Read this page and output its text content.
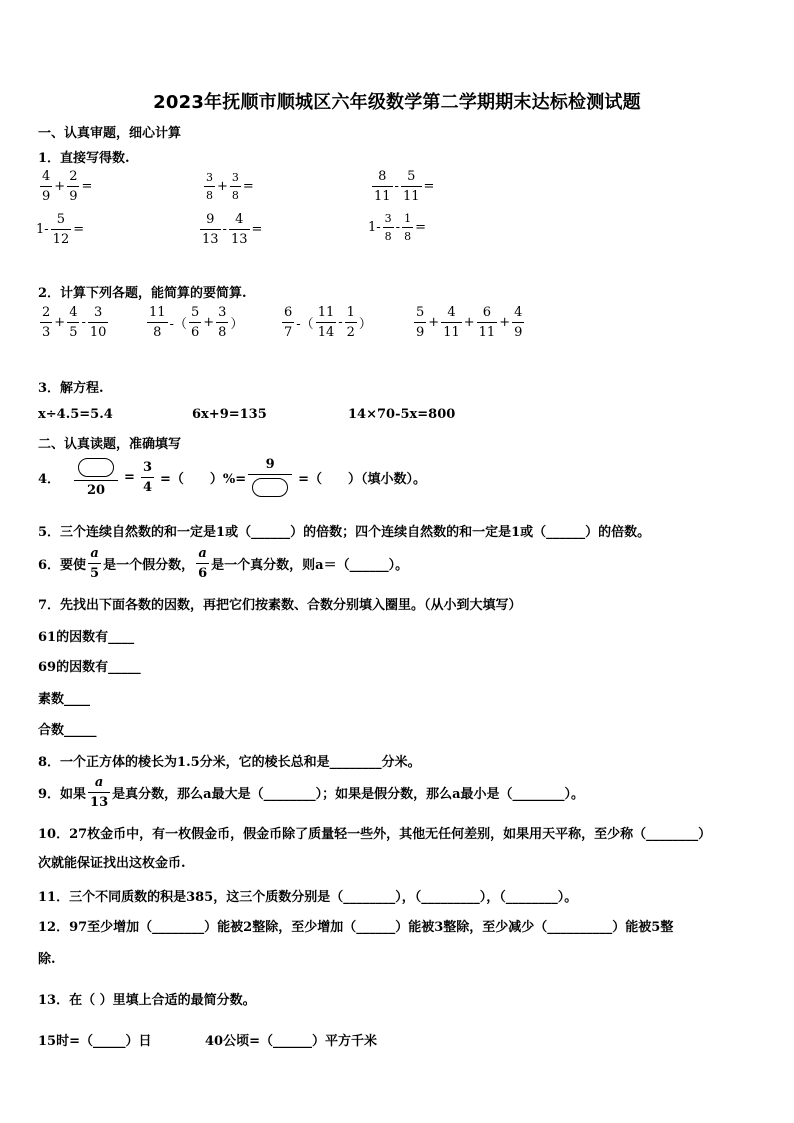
2023年抚顺市顺城区六年级数学第二学期期末达标检测试题
一、认真审题，细心计算
1．直接写得数.
$\frac{4}{9} + \frac{2}{9}$ =	$\frac{3}{8} + \frac{3}{8}$ =	$\frac{8}{11} - \frac{5}{11}$ =
$1- \frac{5}{12}$ =	$\frac{9}{13} - \frac{4}{13}$ =	$1- \frac{3}{8} - \frac{1}{8}$ =
2．计算下列各题，能简算的要简算.
$\frac{2}{3} + \frac{4}{5} - \frac{3}{10}$	$\frac{11}{8}$ -（ $\frac{5}{6} + \frac{3}{8}$ ）	$\frac{6}{7}$ -（ $\frac{11}{14} - \frac{1}{2}$ ）	$\frac{5}{9} + \frac{4}{11} + \frac{6}{11} + \frac{4}{9}$
3．解方程.
x÷4.5=5.4	6x+9=135	14×70-5x=800
二、认真读题，准确填写
4．
20
= $\frac{3}{4}$ =（　　）%=
9
=（　　）（填小数）。
5．三个连续自然数的和一定是1或（______）的倍数；四个连续自然数的和一定是1或（______）的倍数。
6．要使 $\frac{a}{5}$ 是一个假分数， $\frac{a}{6}$ 是一个真分数，则a＝（______）。
7．先找出下面各数的因数，再把它们按素数、合数分别填入圈里。（从小到大填写）
61的因数有____
69的因数有_____
素数____
合数_____
8．一个正方体的棱长为1.5分米，它的棱长总和是________分米。
9．如果 $\frac{a}{13}$ 是真分数，那么a最大是（________）；如果是假分数，那么a最小是（________）。
10．27枚金币中，有一枚假金币，假金币除了质量轻一些外，其他无任何差别，如果用天平称，至少称（________）
次就能保证找出这枚金币.
11．三个不同质数的积是385，这三个质数分别是（________），（_________），（________）。
12．97至少增加（________）能被2整除，至少增加（______）能被3整除，至少减少（__________）能被5整
除.
13．在（ ）里填上合适的最简分数。
15时=（_____）日	40公顷=（______）平方千米
